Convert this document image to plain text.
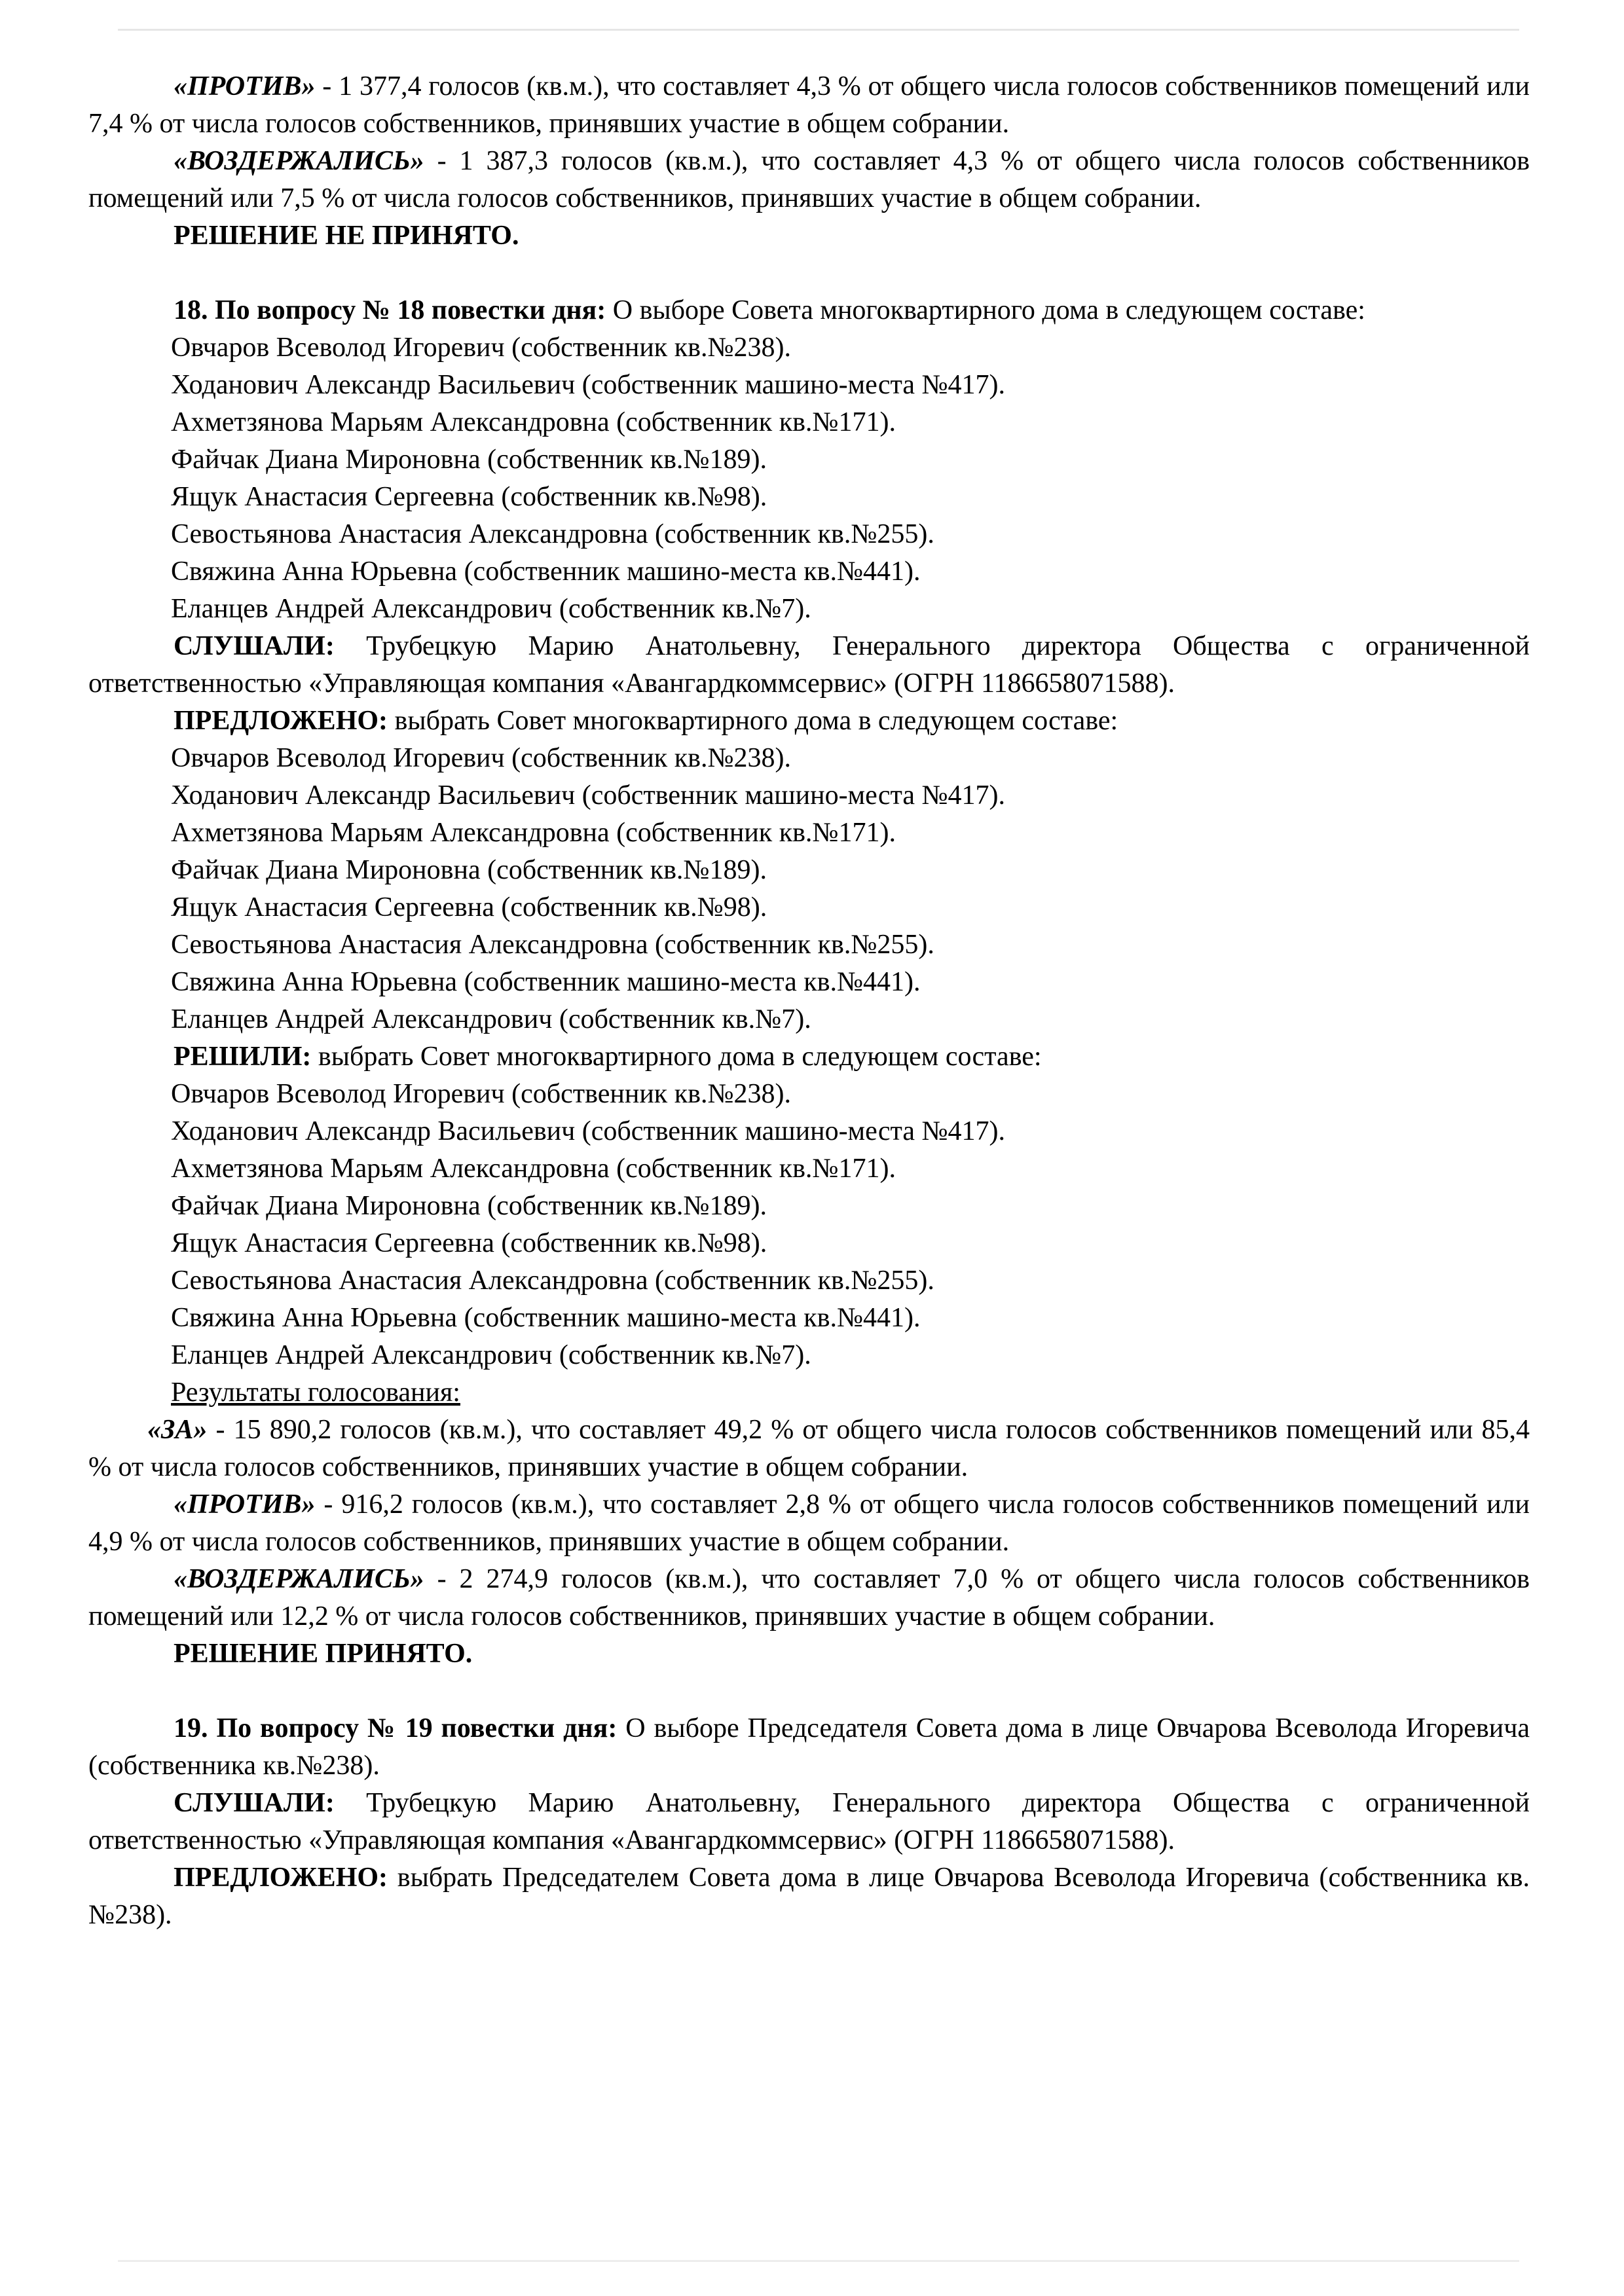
«ПРОТИВ» - 1 377,4 голосов (кв.м.), что составляет 4,3 % от общего числа голосов собственников помещений или 7,4 % от числа голосов собственников, принявших участие в общем собрании.

«ВОЗДЕРЖАЛИСЬ» - 1 387,3 голосов (кв.м.), что составляет 4,3 % от общего числа голосов собственников помещений или 7,5 % от числа голосов собственников, принявших участие в общем собрании.

РЕШЕНИЕ НЕ ПРИНЯТО.

18. По вопросу № 18 повестки дня: О выборе Совета многоквартирного дома в следующем составе:

Овчаров Всеволод Игоревич (собственник кв.№238).

Ходанович Александр Васильевич (собственник машино-места №417).

Ахметзянова Марьям Александровна (собственник кв.№171).

Файчак Диана Мироновна (собственник кв.№189).

Ящук Анастасия Сергеевна (собственник кв.№98).

Севостьянова Анастасия Александровна (собственник кв.№255).

Свяжина Анна Юрьевна (собственник машино-места кв.№441).

Еланцев Андрей Александрович (собственник кв.№7).

СЛУШАЛИ: Трубецкую Марию Анатольевну, Генерального директора Общества с ограниченной ответственностью «Управляющая компания «Авангардкоммсервис» (ОГРН 1186658071588).

ПРЕДЛОЖЕНО: выбрать Совет многоквартирного дома в следующем составе:

Овчаров Всеволод Игоревич (собственник кв.№238).

Ходанович Александр Васильевич (собственник машино-места №417).

Ахметзянова Марьям Александровна (собственник кв.№171).

Файчак Диана Мироновна (собственник кв.№189).

Ящук Анастасия Сергеевна (собственник кв.№98).

Севостьянова Анастасия Александровна (собственник кв.№255).

Свяжина Анна Юрьевна (собственник машино-места кв.№441).

Еланцев Андрей Александрович (собственник кв.№7).

РЕШИЛИ: выбрать Совет многоквартирного дома в следующем составе:

Овчаров Всеволод Игоревич (собственник кв.№238).

Ходанович Александр Васильевич (собственник машино-места №417).

Ахметзянова Марьям Александровна (собственник кв.№171).

Файчак Диана Мироновна (собственник кв.№189).

Ящук Анастасия Сергеевна (собственник кв.№98).

Севостьянова Анастасия Александровна (собственник кв.№255).

Свяжина Анна Юрьевна (собственник машино-места кв.№441).

Еланцев Андрей Александрович (собственник кв.№7).

Результаты голосования:

«ЗА» - 15 890,2 голосов (кв.м.), что составляет 49,2 % от общего числа голосов собственников помещений или 85,4 % от числа голосов собственников, принявших участие в общем собрании.

«ПРОТИВ» - 916,2 голосов (кв.м.), что составляет 2,8 % от общего числа голосов собственников помещений или 4,9 % от числа голосов собственников, принявших участие в общем собрании.

«ВОЗДЕРЖАЛИСЬ» - 2 274,9 голосов (кв.м.), что составляет 7,0 % от общего числа голосов собственников помещений или 12,2 % от числа голосов собственников, принявших участие в общем собрании.

РЕШЕНИЕ ПРИНЯТО.

19. По вопросу № 19 повестки дня: О выборе Председателя Совета дома в лице Овчарова Всеволода Игоревича (собственника кв.№238).

СЛУШАЛИ: Трубецкую Марию Анатольевну, Генерального директора Общества с ограниченной ответственностью «Управляющая компания «Авангардкоммсервис» (ОГРН 1186658071588).

ПРЕДЛОЖЕНО: выбрать Председателем Совета дома в лице Овчарова Всеволода Игоревича (собственника кв.№238).
